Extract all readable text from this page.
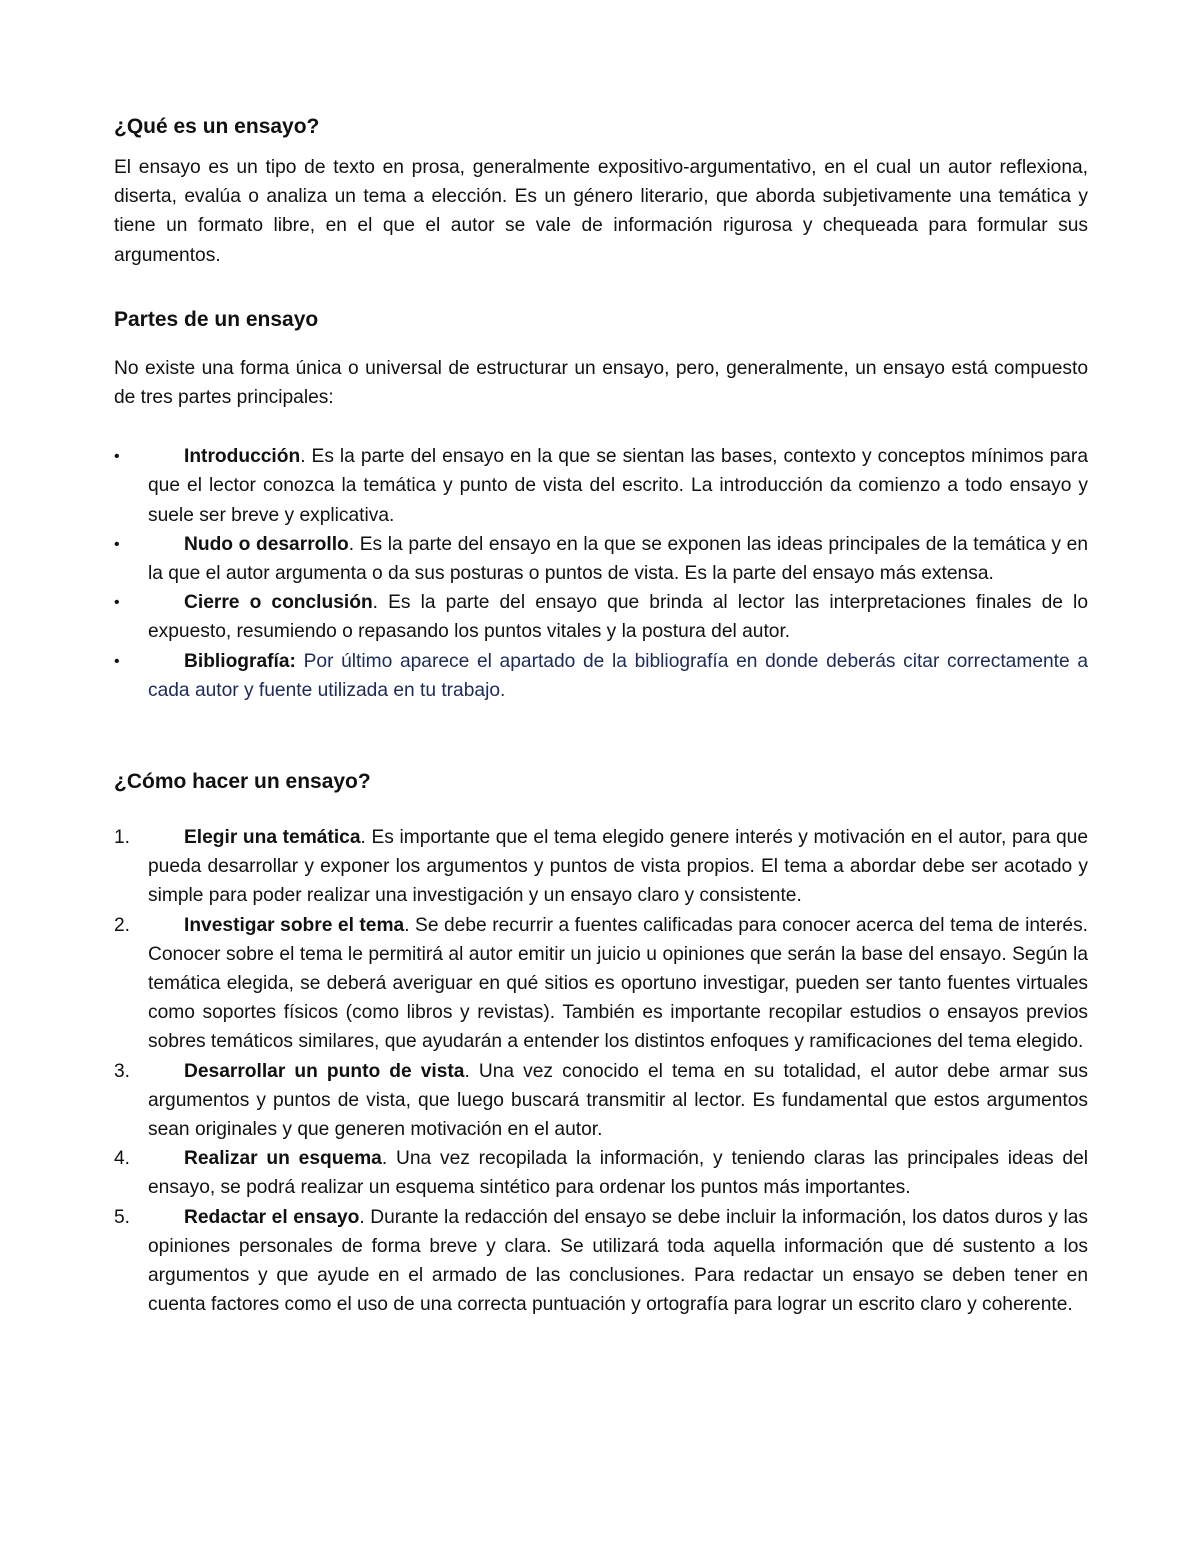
¿Qué es un ensayo?

El ensayo es un tipo de texto en prosa, generalmente expositivo-argumentativo, en el cual un autor reflexiona, diserta, evalúa o analiza un tema a elección. Es un género literario, que aborda subjetivamente una temática y tiene un formato libre, en el que el autor se vale de información rigurosa y chequeada para formular sus argumentos.

Partes de un ensayo

No existe una forma única o universal de estructurar un ensayo, pero, generalmente, un ensayo está compuesto de tres partes principales:

•	Introducción. Es la parte del ensayo en la que se sientan las bases, contexto y conceptos mínimos para que el lector conozca la temática y punto de vista del escrito. La introducción da comienzo a todo ensayo y suele ser breve y explicativa.
•	Nudo o desarrollo. Es la parte del ensayo en la que se exponen las ideas principales de la temática y en la que el autor argumenta o da sus posturas o puntos de vista. Es la parte del ensayo más extensa.
•	Cierre o conclusión. Es la parte del ensayo que brinda al lector las interpretaciones finales de lo expuesto, resumiendo o repasando los puntos vitales y la postura del autor.
•	Bibliografía: Por último aparece el apartado de la bibliografía en donde deberás citar correctamente a cada autor y fuente utilizada en tu trabajo.
¿Cómo hacer un ensayo?
1.	Elegir una temática. Es importante que el tema elegido genere interés y motivación en el autor, para que pueda desarrollar y exponer los argumentos y puntos de vista propios. El tema a abordar debe ser acotado y simple para poder realizar una investigación y un ensayo claro y consistente.
2.	Investigar sobre el tema. Se debe recurrir a fuentes calificadas para conocer acerca del tema de interés. Conocer sobre el tema le permitirá al autor emitir un juicio u opiniones que serán la base del ensayo. Según la temática elegida, se deberá averiguar en qué sitios es oportuno investigar, pueden ser tanto fuentes virtuales como soportes físicos (como libros y revistas). También es importante recopilar estudios o ensayos previos sobres temáticos similares, que ayudarán a entender los distintos enfoques y ramificaciones del tema elegido.
3.	Desarrollar un punto de vista. Una vez conocido el tema en su totalidad, el autor debe armar sus argumentos y puntos de vista, que luego buscará transmitir al lector. Es fundamental que estos argumentos sean originales y que generen motivación en el autor.
4.	Realizar un esquema. Una vez recopilada la información, y teniendo claras las principales ideas del ensayo, se podrá realizar un esquema sintético para ordenar los puntos más importantes.
5.	Redactar el ensayo. Durante la redacción del ensayo se debe incluir la información, los datos duros y las opiniones personales de forma breve y clara. Se utilizará toda aquella información que dé sustento a los argumentos y que ayude en el armado de las conclusiones. Para redactar un ensayo se deben tener en cuenta factores como el uso de una correcta puntuación y ortografía para lograr un escrito claro y coherente.
